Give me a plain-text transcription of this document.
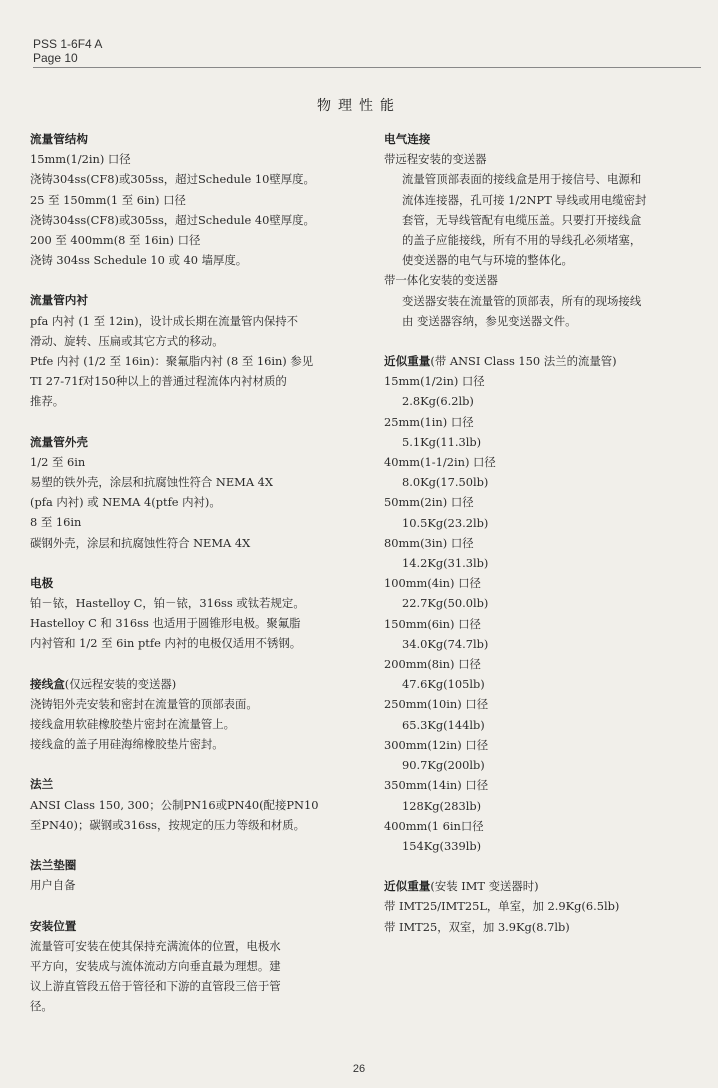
PSS 1-6F4 A
Page 10
物理性能
流量管结构
15mm(1/2in) 口径
浇铸304ss(CF8)或305ss，超过Schedule 10壁厚度。
25 至 150mm(1 至 6in) 口径
浇铸304ss(CF8)或305ss，超过Schedule 40壁厚度。
200 至 400mm(8 至 16in) 口径
浇铸 304ss Schedule 10 或 40 墙厚度。
流量管内衬
pfa 内衬 (1 至 12in)，设计成长期在流量管内保持不
滑动、旋转、压扁或其它方式的移动。
Ptfe 内衬 (1/2 至 16in)：聚氟脂内衬 (8 至 16in) 参见
TI 27-71f对150种以上的普通过程流体内衬材质的
推荐。
流量管外壳
1/2 至 6in
易塑的铁外壳，涂层和抗腐蚀性符合 NEMA 4X
(pfa 内衬) 或 NEMA 4(ptfe 内衬)。
8 至 16in
碳钢外壳，涂层和抗腐蚀性符合 NEMA 4X
电极
铂－铱，Hastelloy C，铂－铱，316ss 或钛若规定。
Hastelloy C 和 316ss 也适用于圆锥形电极。聚氟脂
内衬管和 1/2 至 6in ptfe 内衬的电极仅适用不锈钢。
接线盒(仅远程安装的变送器)
浇铸铝外壳安装和密封在流量管的顶部表面。
接线盒用软硅橡胶垫片密封在流量管上。
接线盒的盖子用硅海绵橡胶垫片密封。
法兰
ANSI Class 150, 300；公制PN16或PN40(配接PN10
至PN40)；碳钢或316ss，按规定的压力等级和材质。
法兰垫圈
用户自备
安装位置
流量管可安装在使其保持充满流体的位置，电极水
平方向，安装成与流体流动方向垂直最为理想。建
议上游直管段五倍于管径和下游的直管段三倍于管
径。
电气连接
带远程安装的变送器
流量管顶部表面的接线盒是用于接信号、电源和
流体连接器，孔可接 1/2NPT 导线或用电缆密封
套管，无导线管配有电缆压盖。只要打开接线盒
的盖子应能接线，所有不用的导线孔必须堵塞，
使变送器的电气与环境的整体化。
带一体化安装的变送器
变送器安装在流量管的顶部表，所有的现场接线
由 变送器容纳，参见变送器文件。
近似重量(带 ANSI Class 150 法兰的流量管)
15mm(1/2in) 口径
2.8Kg(6.2lb)
25mm(1in) 口径
5.1Kg(11.3lb)
40mm(1-1/2in) 口径
8.0Kg(17.50lb)
50mm(2in) 口径
10.5Kg(23.2lb)
80mm(3in) 口径
14.2Kg(31.3lb)
100mm(4in) 口径
22.7Kg(50.0lb)
150mm(6in) 口径
34.0Kg(74.7lb)
200mm(8in) 口径
47.6Kg(105lb)
250mm(10in) 口径
65.3Kg(144lb)
300mm(12in) 口径
90.7Kg(200lb)
350mm(14in) 口径
128Kg(283lb)
400mm(1 6in口径
154Kg(339lb)
近似重量(安装 IMT 变送器时)
带 IMT25/IMT25L，单室，加 2.9Kg(6.5lb)
带 IMT25，双室，加 3.9Kg(8.7lb)
26
